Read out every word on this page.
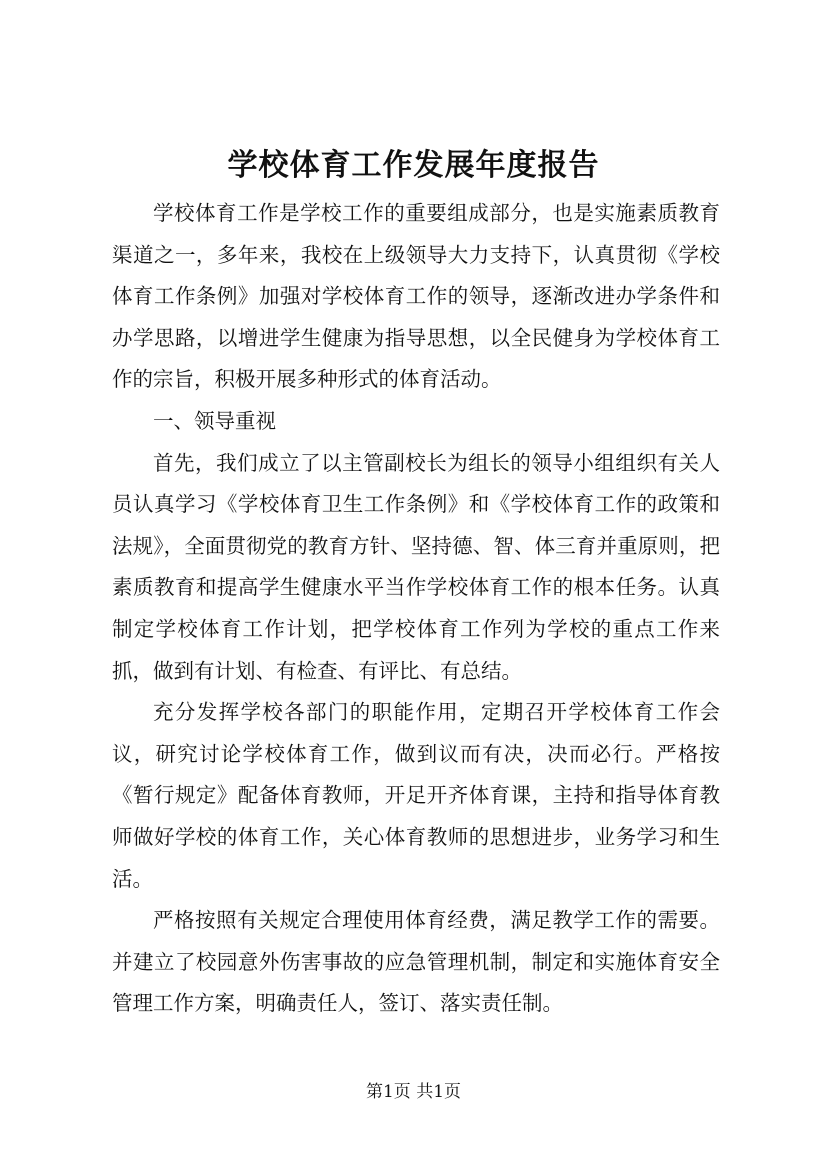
学校体育工作发展年度报告

学校体育工作是学校工作的重要组成部分，也是实施素质教育渠道之一，多年来，我校在上级领导大力支持下，认真贯彻《学校体育工作条例》加强对学校体育工作的领导，逐渐改进办学条件和办学思路，以增进学生健康为指导思想，以全民健身为学校体育工作的宗旨，积极开展多种形式的体育活动。

一、领导重视

首先，我们成立了以主管副校长为组长的领导小组组织有关人员认真学习《学校体育卫生工作条例》和《学校体育工作的政策和法规》，全面贯彻党的教育方针、坚持德、智、体三育并重原则，把素质教育和提高学生健康水平当作学校体育工作的根本任务。认真制定学校体育工作计划，把学校体育工作列为学校的重点工作来抓，做到有计划、有检查、有评比、有总结。

充分发挥学校各部门的职能作用，定期召开学校体育工作会议，研究讨论学校体育工作，做到议而有决，决而必行。严格按《暂行规定》配备体育教师，开足开齐体育课，主持和指导体育教师做好学校的体育工作，关心体育教师的思想进步，业务学习和生活。

严格按照有关规定合理使用体育经费，满足教学工作的需要。并建立了校园意外伤害事故的应急管理机制，制定和实施体育安全管理工作方案，明确责任人，签订、落实责任制。

第1页 共1页
